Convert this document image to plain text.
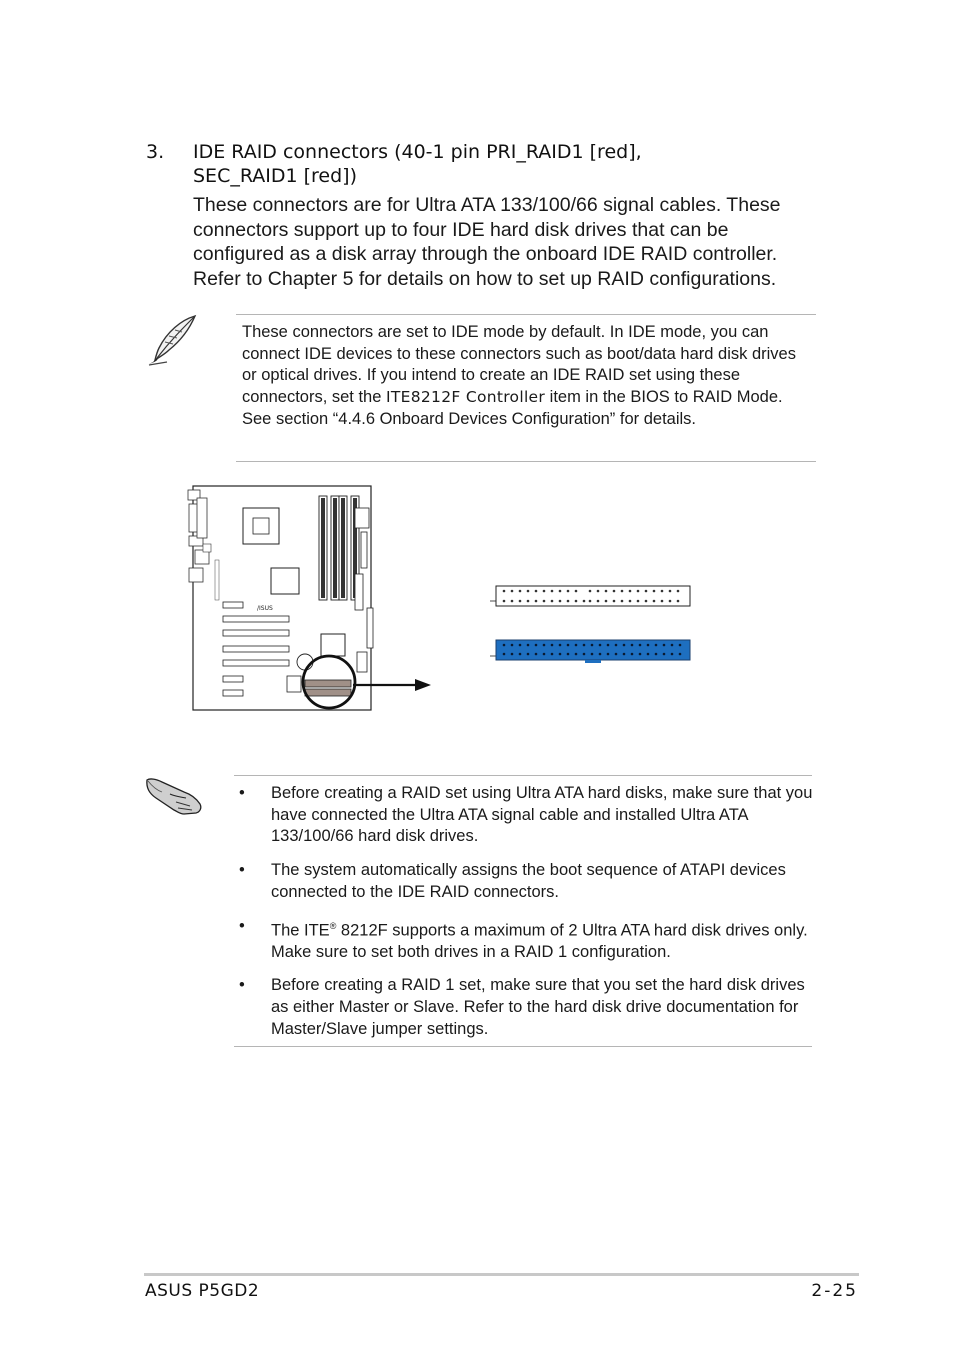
3. IDE RAID connectors (40-1 pin PRI_RAID1 [red],
SEC_RAID1 [red])
These connectors are for Ultra ATA 133/100/66 signal cables. These connectors support up to four IDE hard disk drives that can be configured as a disk array through the onboard IDE RAID controller. Refer to Chapter 5 for details on how to set up RAID configurations.
These connectors are set to IDE mode by default. In IDE mode, you can connect IDE devices to these connectors such as boot/data hard disk drives or optical drives. If you intend to create an IDE RAID set using these connectors, set the ITE8212F Controller item in the BIOS to RAID Mode. See section “4.4.6 Onboard Devices Configuration” for details.
/ISUS
• Before creating a RAID set using Ultra ATA hard disks, make sure that you have connected the Ultra ATA signal cable and installed Ultra ATA 133/100/66 hard disk drives.
• The system automatically assigns the boot sequence of ATAPI devices connected to the IDE RAID connectors.
• The ITE® 8212F supports a maximum of 2 Ultra ATA hard disk drives only. Make sure to set both drives in a RAID 1 configuration.
• Before creating a RAID 1 set, make sure that you set the hard disk drives as either Master or Slave. Refer to the hard disk drive documentation for Master/Slave jumper settings.
ASUS P5GD2	2-25
